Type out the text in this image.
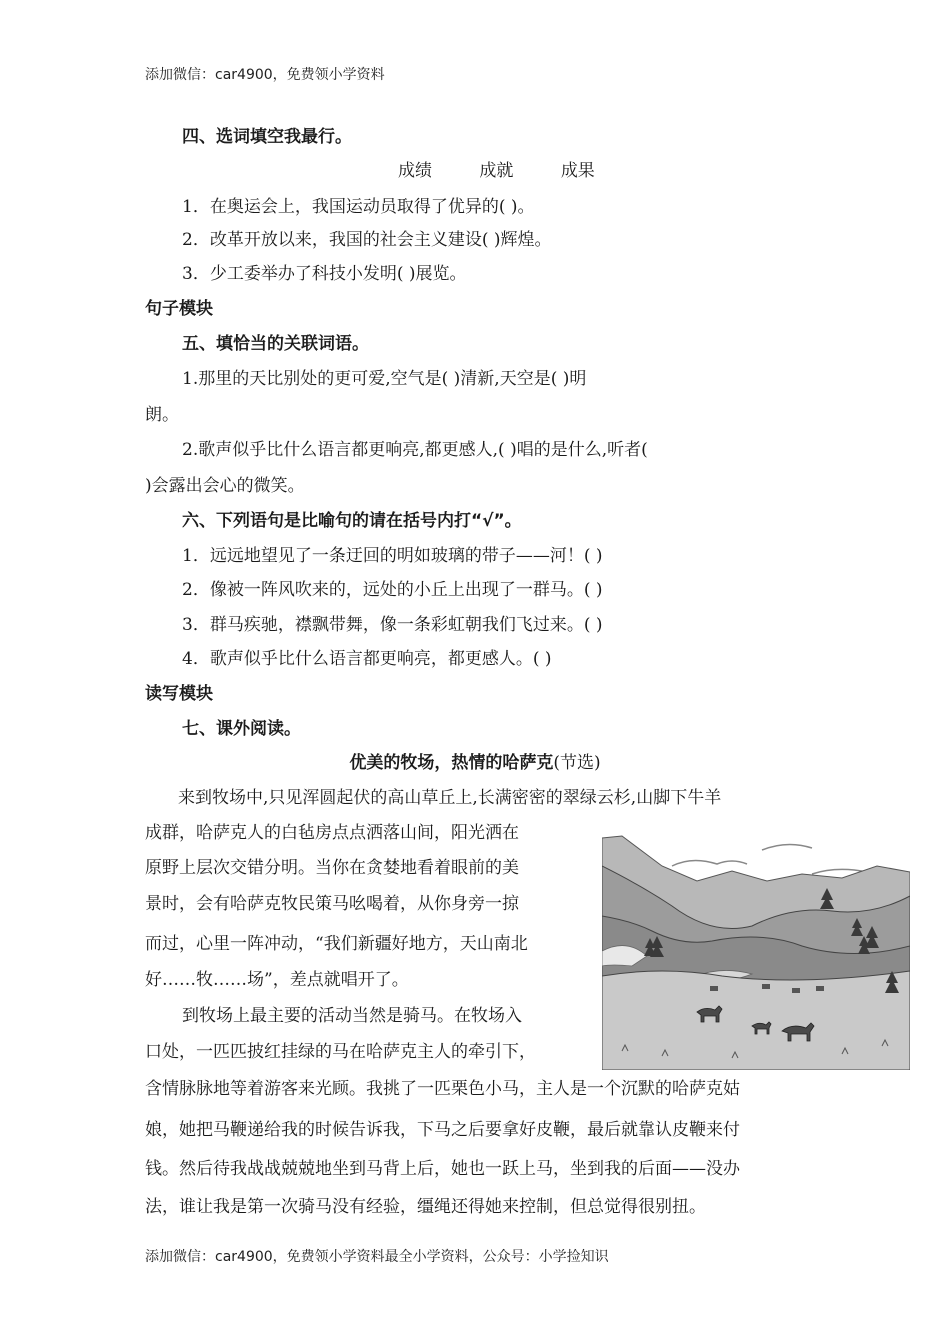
添加微信：car4900，免费领小学资料
四、选词填空我最行。
成绩	成就	成果
1．在奥运会上，我国运动员取得了优异的( )。
2．改革开放以来，我国的社会主义建设( )辉煌。
3．少工委举办了科技小发明( )展览。
句子模块
五、填恰当的关联词语。
1.那里的天比别处的更可爱,空气是( )清新,天空是( )明
朗。
2.歌声似乎比什么语言都更响亮,都更感人,( )唱的是什么,听者(
)会露出会心的微笑。
六、下列语句是比喻句的请在括号内打“√”。
1．远远地望见了一条迂回的明如玻璃的带子——河！( )
2．像被一阵风吹来的，远处的小丘上出现了一群马。( )
3．群马疾驰，襟飘带舞，像一条彩虹朝我们飞过来。( )
4．歌声似乎比什么语言都更响亮，都更感人。( )
读写模块
七、课外阅读。
优美的牧场，热情的哈萨克(节选)
来到牧场中,只见浑圆起伏的高山草丘上,长满密密的翠绿云杉,山脚下牛羊
成群，哈萨克人的白毡房点点洒落山间，阳光洒在
原野上层次交错分明。当你在贪婪地看着眼前的美
景时，会有哈萨克牧民策马吆喝着，从你身旁一掠
而过，心里一阵冲动，“我们新疆好地方，天山南北
好……牧……场”，差点就唱开了。
到牧场上最主要的活动当然是骑马。在牧场入
口处，一匹匹披红挂绿的马在哈萨克主人的牵引下，
含情脉脉地等着游客来光顾。我挑了一匹栗色小马，主人是一个沉默的哈萨克姑
娘，她把马鞭递给我的时候告诉我，下马之后要拿好皮鞭，最后就靠认皮鞭来付
钱。然后待我战战兢兢地坐到马背上后，她也一跃上马，坐到我的后面——没办
法，谁让我是第一次骑马没有经验，缰绳还得她来控制，但总觉得很别扭。
添加微信：car4900，免费领小学资料最全小学资料，公众号：小学捡知识
